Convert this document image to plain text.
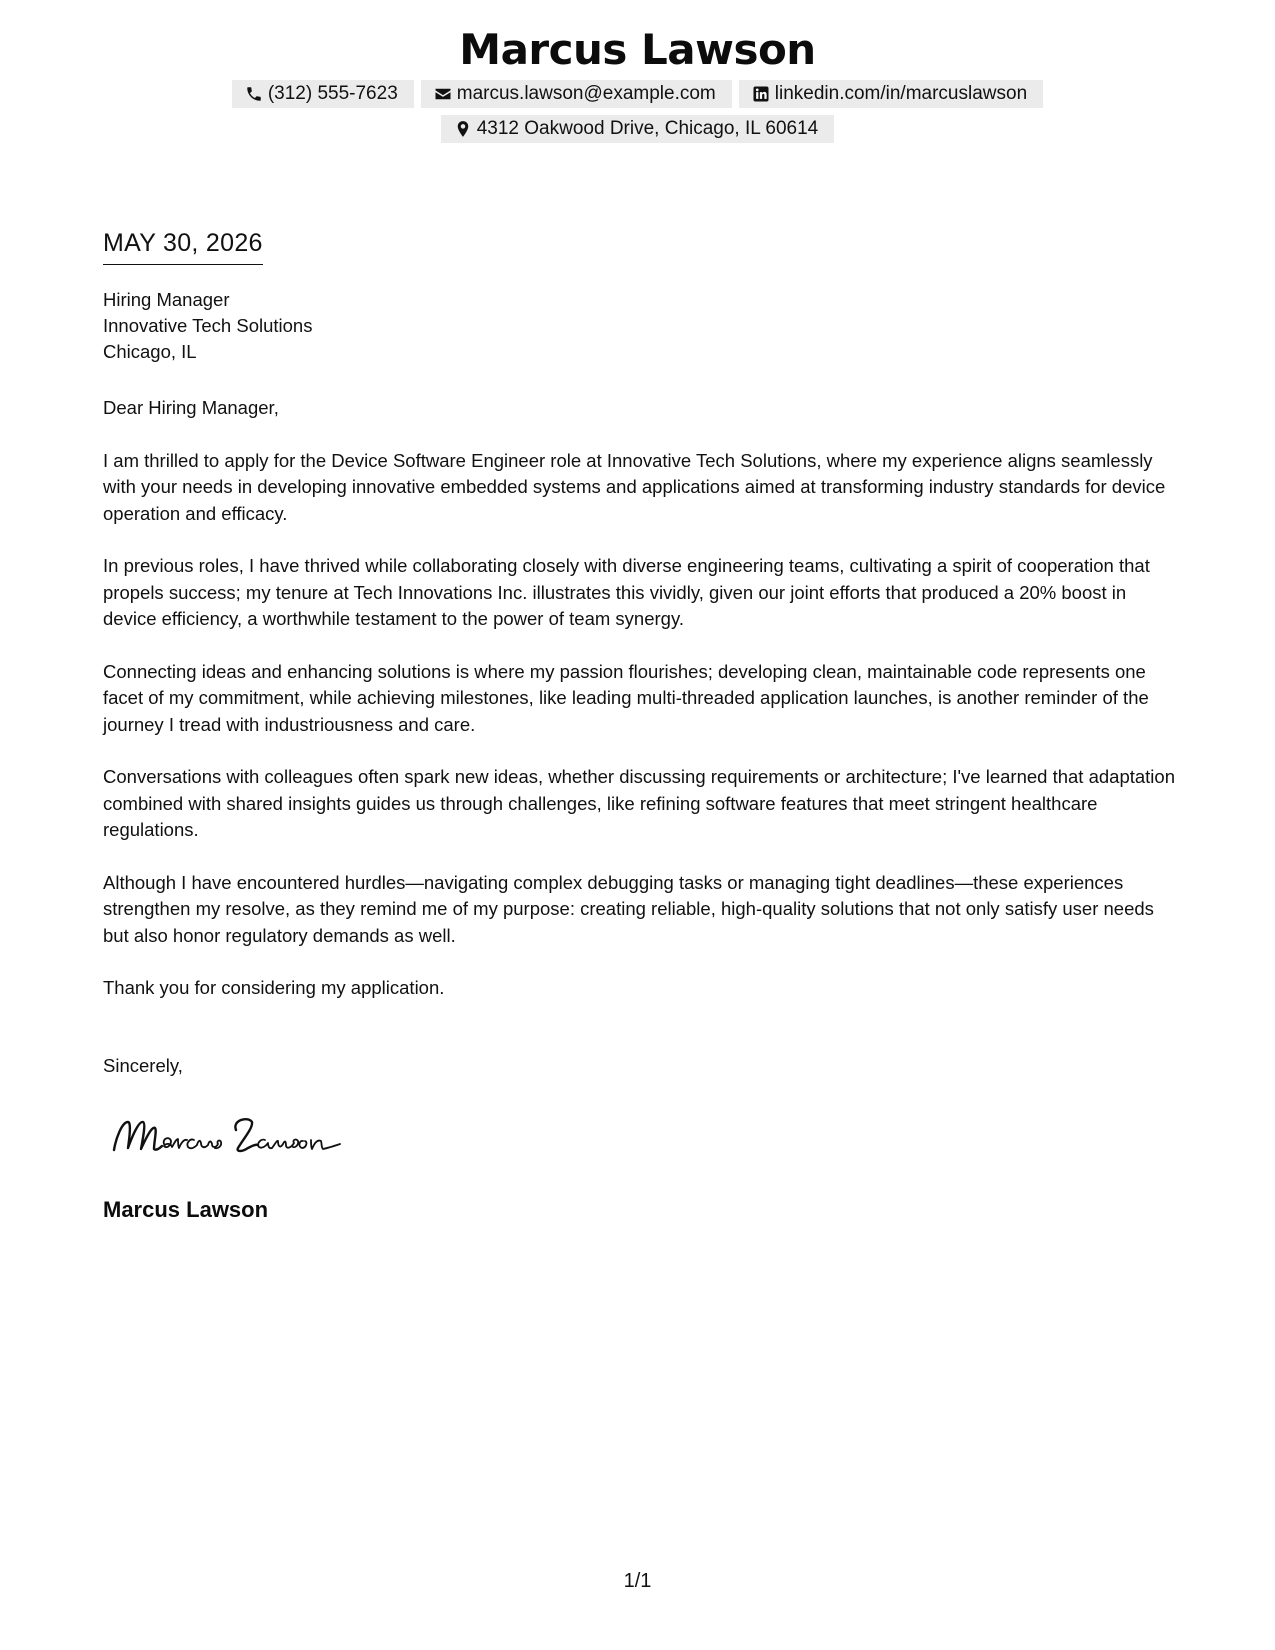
Marcus Lawson
(312) 555-7623	marcus.lawson@example.com	linkedin.com/in/marcuslawson
4312 Oakwood Drive, Chicago, IL 60614
MAY 30, 2026
Hiring Manager
Innovative Tech Solutions
Chicago, IL

Dear Hiring Manager,

I am thrilled to apply for the Device Software Engineer role at Innovative Tech Solutions, where my experience aligns seamlessly with your needs in developing innovative embedded systems and applications aimed at transforming industry standards for device operation and efficacy.

In previous roles, I have thrived while collaborating closely with diverse engineering teams, cultivating a spirit of cooperation that propels success; my tenure at Tech Innovations Inc. illustrates this vividly, given our joint efforts that produced a 20% boost in device efficiency, a worthwhile testament to the power of team synergy.

Connecting ideas and enhancing solutions is where my passion flourishes; developing clean, maintainable code represents one facet of my commitment, while achieving milestones, like leading multi-threaded application launches, is another reminder of the journey I tread with industriousness and care.

Conversations with colleagues often spark new ideas, whether discussing requirements or architecture; I've learned that adaptation combined with shared insights guides us through challenges, like refining software features that meet stringent healthcare regulations.

Although I have encountered hurdles—navigating complex debugging tasks or managing tight deadlines—these experiences strengthen my resolve, as they remind me of my purpose: creating reliable, high-quality solutions that not only satisfy user needs but also honor regulatory demands as well.

Thank you for considering my application.

Sincerely,
Marcus Lawson
1/1
